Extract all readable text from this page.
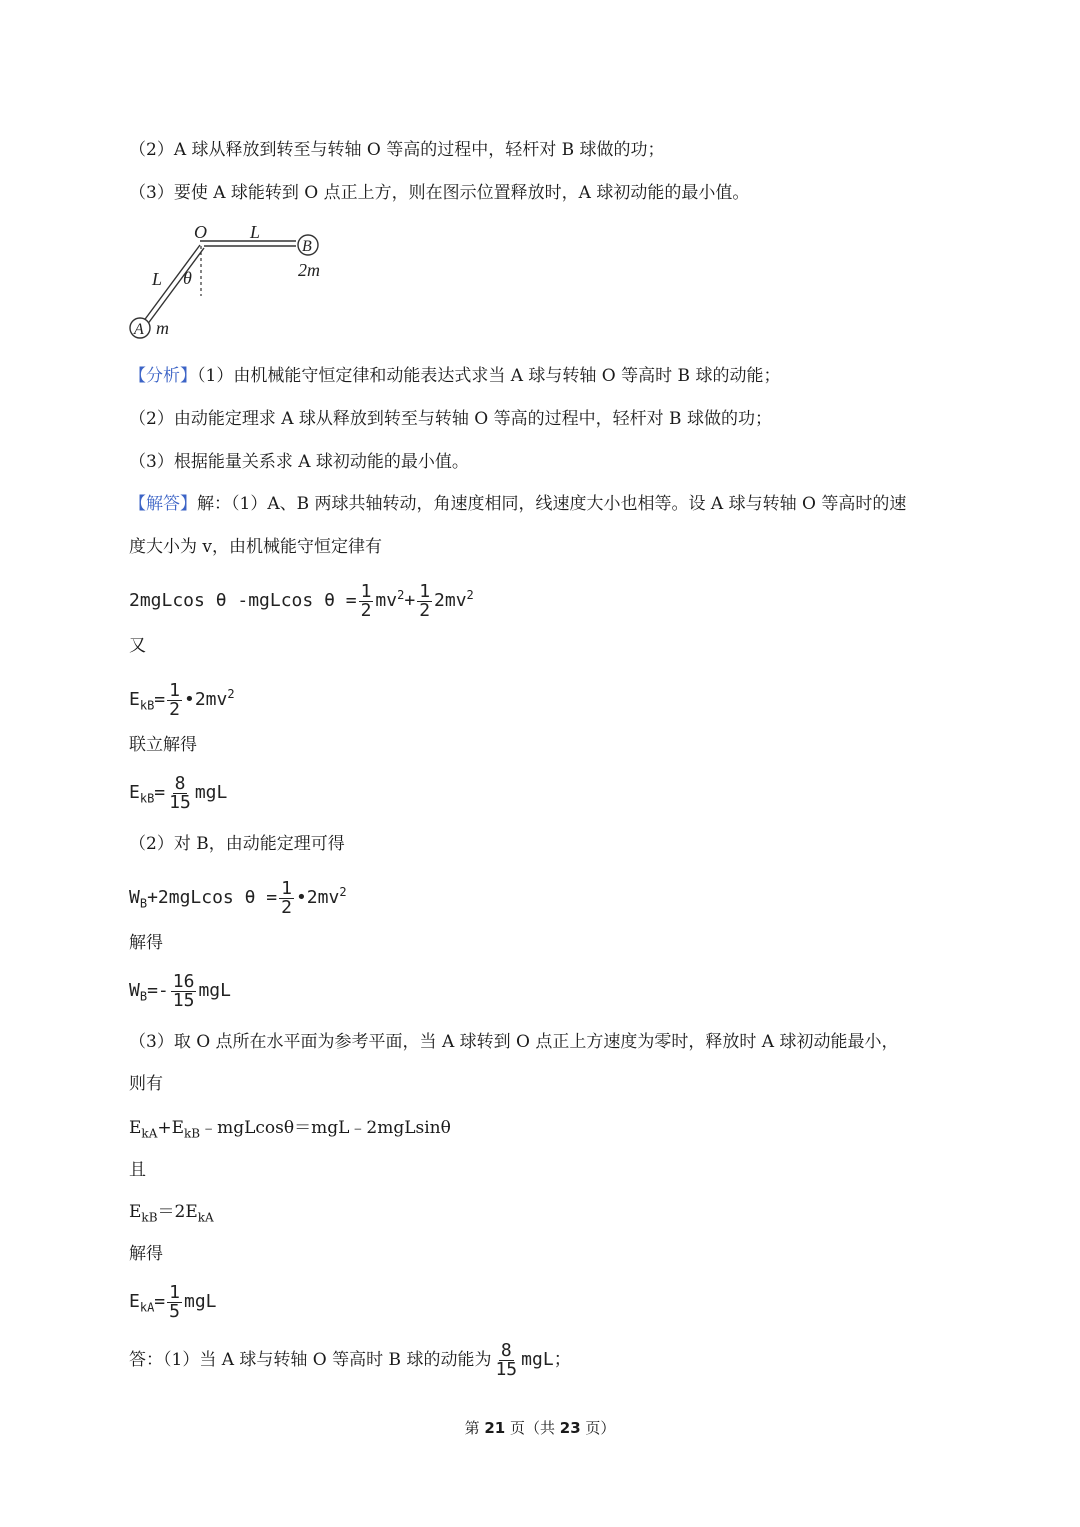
（2）A 球从释放到转至与转轴 O 等高的过程中，轻杆对 B 球做的功；
（3）要使 A 球能转到 O 点正上方，则在图示位置释放时，A 球初动能的最小值。
O L
B
2m
L θ
A m
【分析】（1）由机械能守恒定律和动能表达式求当 A 球与转轴 O 等高时 B 球的动能；
（2）由动能定理求 A 球从释放到转至与转轴 O 等高的过程中，轻杆对 B 球做的功；
（3）根据能量关系求 A 球初动能的最小值。
【解答】解：（1）A、B 两球共轴转动，角速度相同，线速度大小也相等。设 A 球与转轴 O 等高时的速
度大小为 v，由机械能守恒定律有
2mgLcos θ -mgLcos $\theta = \frac{1}{2} mv^2+ \frac{1}{2} 2mv^2$
又
$E_{kB}= \frac{1}{2}$ $•2mv^2$
联立解得
$E_{kB}= \frac{8}{15}$ mgL
（2）对 B，由动能定理可得
$W_B+2mgLcos$ $\theta = \frac{1}{2}$ $•2mv^2$
解得
$W_B=- \frac{16}{15}$ mgL
（3）取 O 点所在水平面为参考平面，当 A 球转到 O 点正上方速度为零时，释放时 A 球初动能最小，
则有
$E_{kA}+E_{kB}﹣mgLcos\theta=mgL﹣2mgLsin\theta$
且
$E_{kB}=2E_{kA}$
解得
$E_{kA}= \frac{1}{5}$ mgL
答：（1）当 A 球与转轴 O 等高时 B 球的动能为 $\frac{8}{15}$ mgL；
第 21 页（共 23 页）
